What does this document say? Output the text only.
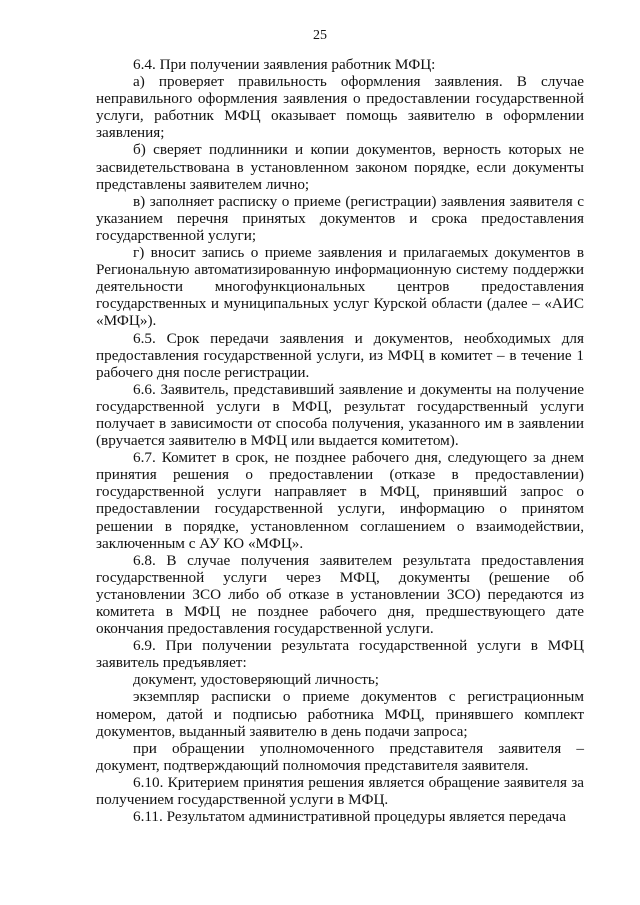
25

6.4. При получении заявления работник МФЦ:

а) проверяет правильность оформления заявления. В случае неправильного оформления заявления о предоставлении государственной услуги, работник МФЦ оказывает помощь заявителю в оформлении заявления;

б) сверяет подлинники и копии документов, верность которых не засвидетельствована в установленном законом порядке, если документы представлены заявителем лично;

в) заполняет расписку о приеме (регистрации) заявления заявителя с указанием перечня принятых документов и срока предоставления государственной услуги;

г) вносит запись о приеме заявления и прилагаемых документов в Региональную автоматизированную информационную систему поддержки деятельности многофункциональных центров предоставления государственных и муниципальных услуг Курской области (далее – «АИС «МФЦ»).

6.5. Срок передачи заявления и документов, необходимых для предоставления государственной услуги, из МФЦ в комитет – в течение 1 рабочего дня после регистрации.

6.6. Заявитель, представивший заявление и документы на получение государственной услуги в МФЦ, результат государственный услуги получает в зависимости от способа получения, указанного им в заявлении (вручается заявителю в МФЦ или выдается комитетом).

6.7. Комитет в срок, не позднее рабочего дня, следующего за днем принятия решения о предоставлении (отказе в предоставлении) государственной услуги направляет в МФЦ, принявший запрос о предоставлении государственной услуги, информацию о принятом решении в порядке, установленном соглашением о взаимодействии, заключенным с АУ КО «МФЦ».

6.8. В случае получения заявителем результата предоставления государственной услуги через МФЦ, документы (решение об установлении ЗСО либо об отказе в установлении ЗСО) передаются из комитета в МФЦ не позднее рабочего дня, предшествующего дате окончания предоставления государственной услуги.

6.9. При получении результата государственной услуги в МФЦ заявитель предъявляет:

документ, удостоверяющий личность;

экземпляр расписки о приеме документов с регистрационным номером, датой и подписью работника МФЦ, принявшего комплект документов, выданный заявителю в день подачи запроса;

при обращении уполномоченного представителя заявителя – документ, подтверждающий полномочия представителя заявителя.

6.10. Критерием принятия решения является обращение заявителя за получением государственной услуги в МФЦ.

6.11. Результатом административной процедуры является передача
